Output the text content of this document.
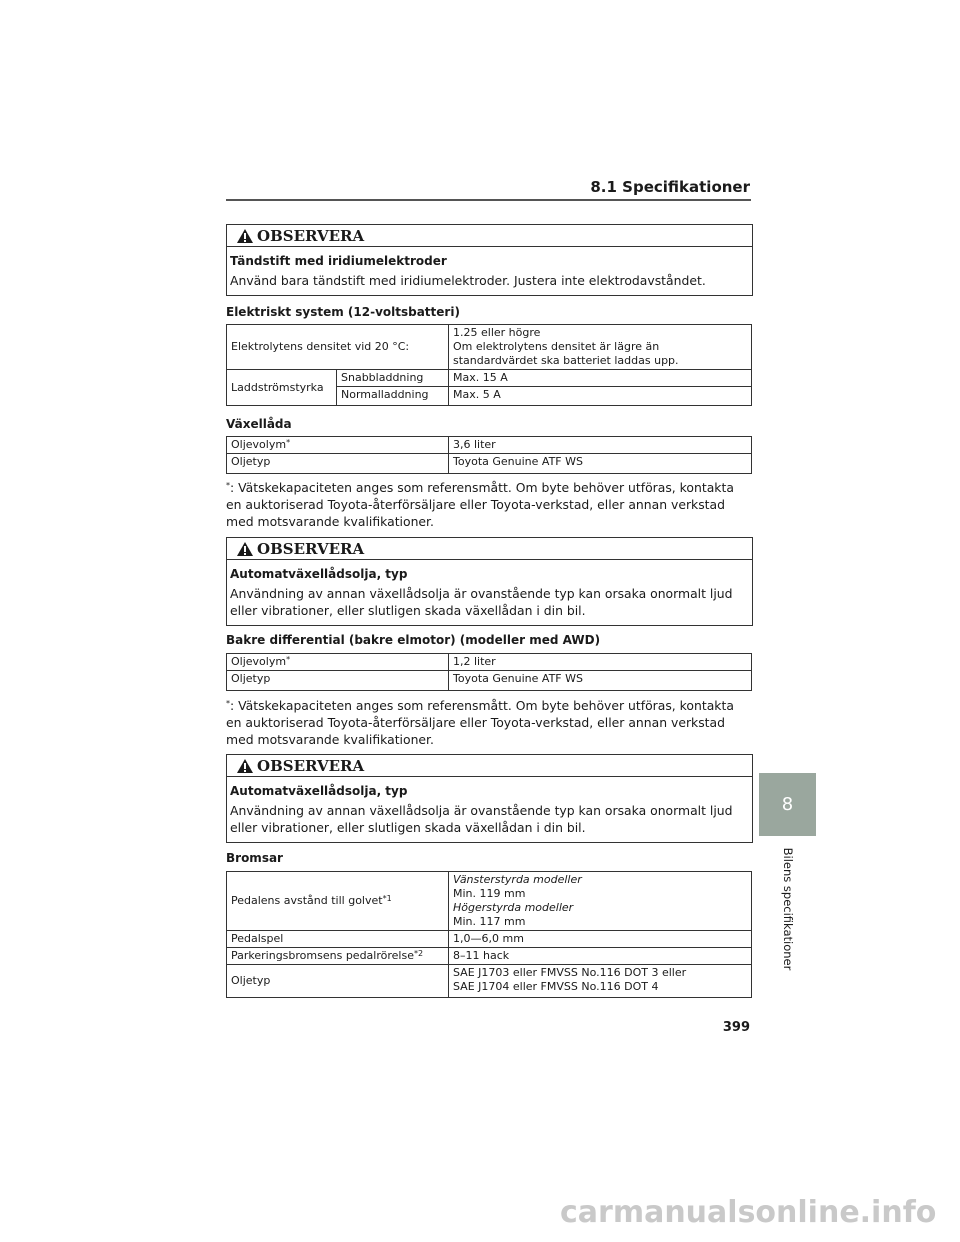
8.1 Specifikationer
OBSERVERA
Tändstift med iridiumelektroder
Använd bara tändstift med iridiumelektroder. Justera inte elektrodavståndet.
Elektriskt system (12-voltsbatteri)
Elektrolytens densitet vid 20 °C:		1.25 eller högre
Om elektrolytens densitet är lägre än standardvärdet ska batteriet laddas upp.

Laddströmstyrka	Snabbladdning	Max. 15 A
	Normalladdning	Max. 5 A
Växellåda
Oljevolym*	3,6 liter
Oljetyp	Toyota Genuine ATF WS
*: Vätskekapaciteten anges som referensmått. Om byte behöver utföras, kontakta en auktoriserad Toyota-återförsäljare eller Toyota-verkstad, eller annan verkstad med motsvarande kvalifikationer.
OBSERVERA
Automatväxellådsolja, typ
Användning av annan växellådsolja är ovanstående typ kan orsaka onormalt ljud eller vibrationer, eller slutligen skada växellådan i din bil.
Bakre differential (bakre elmotor) (modeller med AWD)
Oljevolym*	1,2 liter
Oljetyp	Toyota Genuine ATF WS
*: Vätskekapaciteten anges som referensmått. Om byte behöver utföras, kontakta en auktoriserad Toyota-återförsäljare eller Toyota-verkstad, eller annan verkstad med motsvarande kvalifikationer.
OBSERVERA
Automatväxellådsolja, typ
Användning av annan växellådsolja är ovanstående typ kan orsaka onormalt ljud eller vibrationer, eller slutligen skada växellådan i din bil.
Bromsar
Pedalens avstånd till golvet$^{*1}$	Vänsterstyrda modeller
Min. 119 mm
Högerstyrda modeller
Min. 117 mm

Pedalspel	1,0—6,0 mm
Parkeringsbromsens pedalrörelse$^{*2}$	8–11 hack
Oljetyp	SAE J1703 eller FMVSS No.116 DOT 3 eller
SAE J1704 eller FMVSS No.116 DOT 4
8
Bilens specifikationer
399
carmanualsonline.info
